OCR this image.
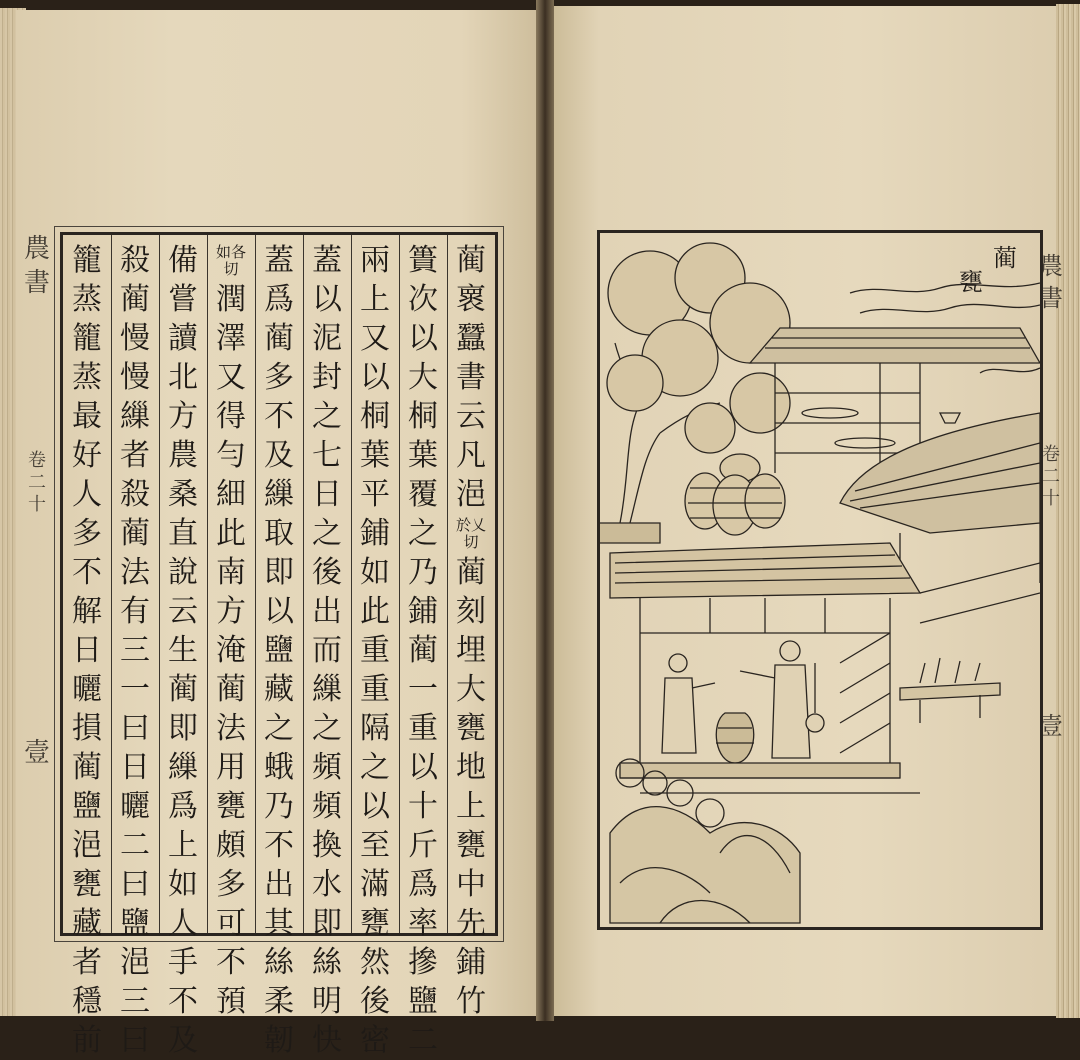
農
書
卷
二
十
壹
蔺
褱
蠶
書
云
凡
浥
於乂切
蔺
刻
埋
大
甕
地
上
甕
中
先
鋪
竹
簣
次
以
大
桐
葉
覆
之
乃
鋪
蔺
一
重
以
十
斤
爲
率
摻
鹽
二
兩
上
又
以
桐
葉
平
鋪
如
此
重
重
隔
之
以
至
滿
甕
然
後
密
蓋
以
泥
封
之
七
日
之
後
出
而
繅
之
頻
頻
換
水
即
絲
明
快
蓋
爲
蔺
多
不
及
繅
取
即
以
鹽
藏
之
蛾
乃
不
出
其
絲
柔
韌
如各切
潤
澤
又
得
勻
細
此
南
方
淹
蔺
法
用
甕
頗
多
可
不
預
備
嘗
讀
北
方
農
桑
直
說
云
生
蔺
即
繅
爲
上
如
人
手
不
及
殺
蔺
慢
慢
繅
者
殺
蔺
法
有
三
一
曰
日
曬
二
曰
鹽
浥
三
曰
籠
蒸
籠
蒸
最
好
人
多
不
解
日
曬
損
蔺
鹽
浥
甕
藏
者
穩
前
農
書
卷
二
十
壹
蔺
甕
